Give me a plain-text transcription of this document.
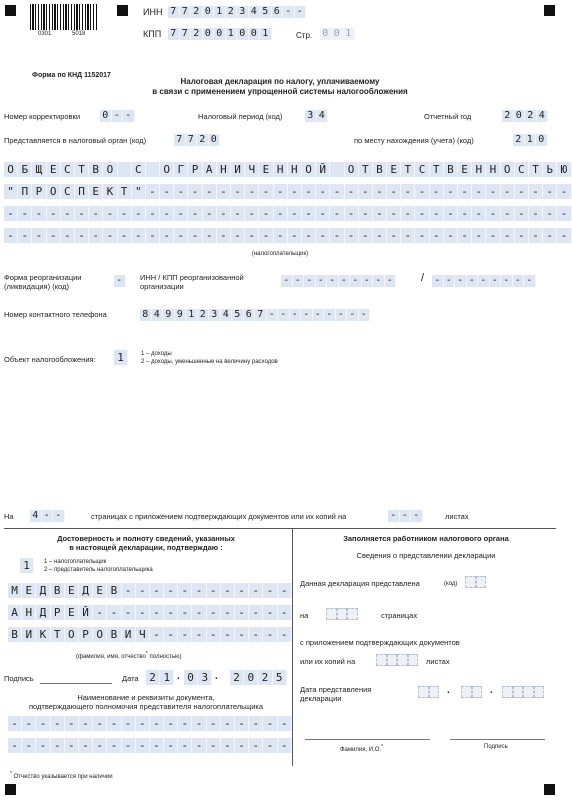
0301	5018
ИНН 7 7 2 0 1 2 3 4 5 6 - -
КПП 7 7 2 0 0 1 0 0 1	Стр. 0 0 1
Форма по КНД 1152017
Налоговая декларация по налогу, уплачиваемому
в связи с применением упрощенной системы налогообложения
Номер корректировки 0 - -	Налоговый период (код) 3 4	Отчетный год	2 0 2 4
Представляется в налоговый орган (код)	7 7 2 0	по месту нахождения (учета) (код)	2 1 0
О Б Щ Е С Т В О	С	О Г Р А Н И Ч Е Н Н О Й	О Т В Е Т С Т В Е Н Н О С Т Ь Ю
" П Р О С П Е К Т " - - - - - - - - - - - - - - - - - - - - - - - - - - - - - -
- - - - - - - - - - - - - - - - - - - - - - - - - - - - - - - - - - - - - - - -
- - - - - - - - - - - - - - - - - - - - - - - - - - - - - - - - - - - - - - - -
(налогоплательщик)
Форма реорганизации
(ликвидация) (код)
-	ИНН / КПП реорганизованной
организации
- - - - - - - - - -	/ - - - - - - - - -
Номер контактного телефона	8 4 9 9 1 2 3 4 5 6 7 - - - - - - - - -
Объект налогообложения: 1	1 – доходы
2 – доходы, уменьшенные на величину расходов
На 4 - -	страницах с приложением подтверждающих документов или их копий на	- - -	листах
Достоверность и полноту сведений, указанных
в настоящей декларации, подтверждаю :
1	1 – налогоплательщик
2 – представитель налогоплательщика
М Е Д В Е Д Е В - - - - - - - - - - - -
А Н Д Р Е Й - - - - - - - - - - - - - -
В И К Т О Р О В И Ч - - - - - - - - - -
(фамилия, имя, отчество* полностью)
Подпись	Дата 2 1 . 0 3 . 2 0 2 5
Наименование и реквизиты документа,
подтверждающего полномочия представителя налогоплательщика
- - - - - - - - - - - - - - - - - - - -
- - - - - - - - - - - - - - - - - - - -
Заполняется работником налогового органа
Сведения о представлении декларации
Данная декларация представлена	(код)
на	страницах
с приложением подтверждающих документов
или их копий на	листах
Дата представления
декларации
.	.
Фамилия, И.О.*	Подпись
* Отчество указывается при наличии
